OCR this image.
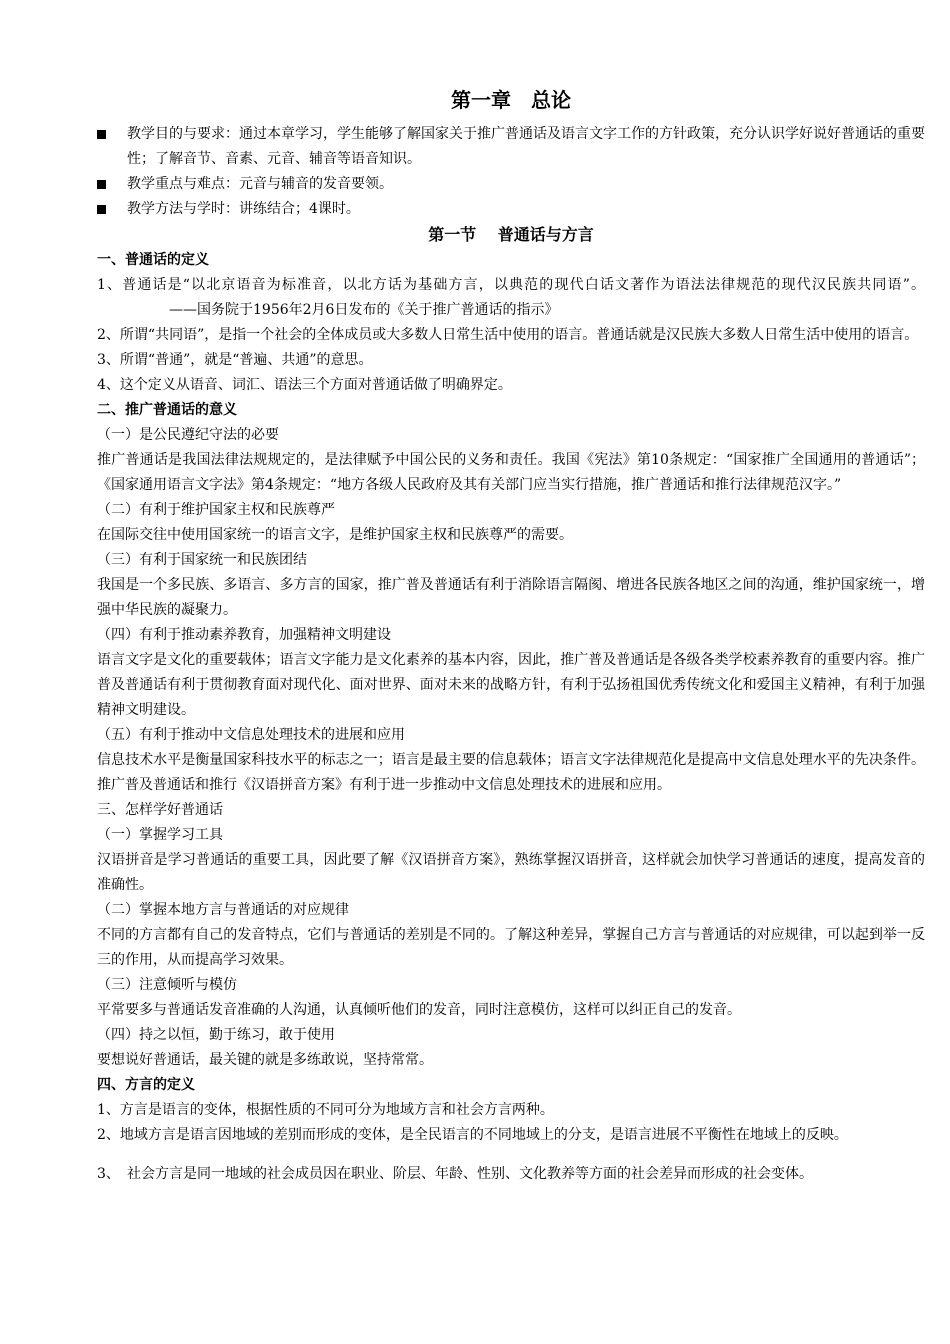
第一章　总论
教学目的与要求：通过本章学习，学生能够了解国家关于推广普通话及语言文字工作的方针政策，充分认识学好说好普通话的重要性；了解音节、音素、元音、辅音等语音知识。
教学重点与难点：元音与辅音的发音要领。
教学方法与学时：讲练结合；4课时。
第一节　 普通话与方言

一、普通话的定义

1、普通话是“以北京语音为标准音，以北方话为基础方言，以典范的现代白话文著作为语法法律规范的现代汉民族共同语”。——国务院于1956年2月6日发布的《关于推广普通话的指示》

2、所谓“共同语”，是指一个社会的全体成员或大多数人日常生活中使用的语言。普通话就是汉民族大多数人日常生活中使用的语言。

3、所谓“普通”，就是“普遍、共通”的意思。

4、这个定义从语音、词汇、语法三个方面对普通话做了明确界定。

二、推广普通话的意义

（一）是公民遵纪守法的必要

推广普通话是我国法律法规规定的，是法律赋予中国公民的义务和责任。我国《宪法》第10条规定：“国家推广全国通用的普通话”；《国家通用语言文字法》第4条规定：“地方各级人民政府及其有关部门应当实行措施，推广普通话和推行法律规范汉字。”

（二）有利于维护国家主权和民族尊严

在国际交往中使用国家统一的语言文字，是维护国家主权和民族尊严的需要。

（三）有利于国家统一和民族团结

我国是一个多民族、多语言、多方言的国家，推广普及普通话有利于消除语言隔阂、增进各民族各地区之间的沟通，维护国家统一，增强中华民族的凝聚力。

（四）有利于推动素养教育，加强精神文明建设

语言文字是文化的重要载体；语言文字能力是文化素养的基本内容，因此，推广普及普通话是各级各类学校素养教育的重要内容。推广普及普通话有利于贯彻教育面对现代化、面对世界、面对未来的战略方针，有利于弘扬祖国优秀传统文化和爱国主义精神，有利于加强精神文明建设。

（五）有利于推动中文信息处理技术的进展和应用

信息技术水平是衡量国家科技水平的标志之一；语言是最主要的信息载体；语言文字法律规范化是提高中文信息处理水平的先决条件。推广普及普通话和推行《汉语拼音方案》有利于进一步推动中文信息处理技术的进展和应用。

三、怎样学好普通话

（一）掌握学习工具

汉语拼音是学习普通话的重要工具，因此要了解《汉语拼音方案》，熟练掌握汉语拼音，这样就会加快学习普通话的速度，提高发音的准确性。

（二）掌握本地方言与普通话的对应规律

不同的方言都有自己的发音特点，它们与普通话的差别是不同的。了解这种差异，掌握自己方言与普通话的对应规律，可以起到举一反三的作用，从而提高学习效果。

（三）注意倾听与模仿

平常要多与普通话发音准确的人沟通，认真倾听他们的发音，同时注意模仿，这样可以纠正自己的发音。

（四）持之以恒，勤于练习，敢于使用

要想说好普通话，最关键的就是多练敢说，坚持常常。

四、方言的定义

1、方言是语言的变体，根据性质的不同可分为地域方言和社会方言两种。

2、地域方言是语言因地域的差别而形成的变体，是全民语言的不同地域上的分支，是语言进展不平衡性在地域上的反映。

3、 社会方言是同一地域的社会成员因在职业、阶层、年龄、性别、文化教养等方面的社会差异而形成的社会变体。
